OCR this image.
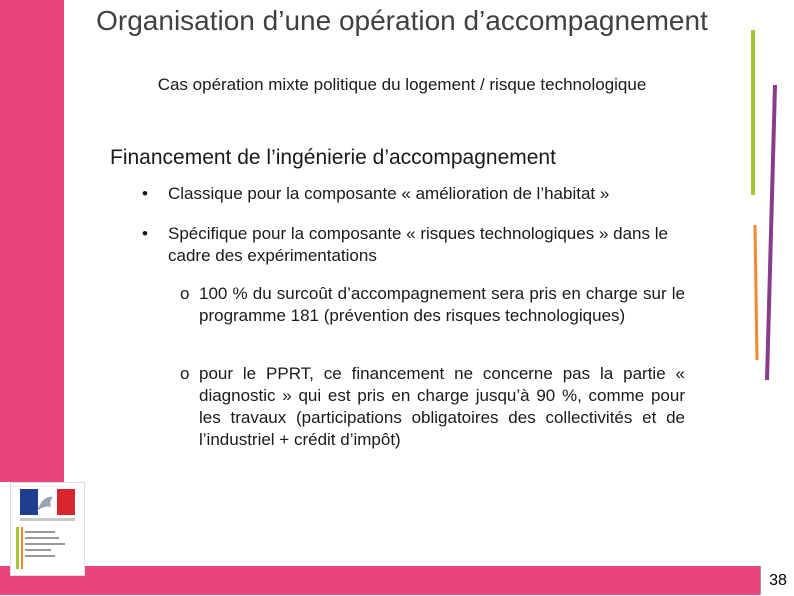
Organisation d’une opération d’accompagnement
Cas opération mixte politique du logement / risque technologique
Financement de l’ingénierie d’accompagnement
• Classique pour la composante « amélioration de l’habitat »
• Spécifique pour la composante « risques technologiques » dans le cadre des expérimentations
o 100 % du surcoût d’accompagnement sera pris en charge sur le programme 181 (prévention des risques technologiques)
o pour le PPRT, ce financement ne concerne pas la partie « diagnostic » qui est pris en charge jusqu’à 90 %, comme pour les travaux (participations obligatoires des collectivités et de l’industriel + crédit d’impôt)
38
